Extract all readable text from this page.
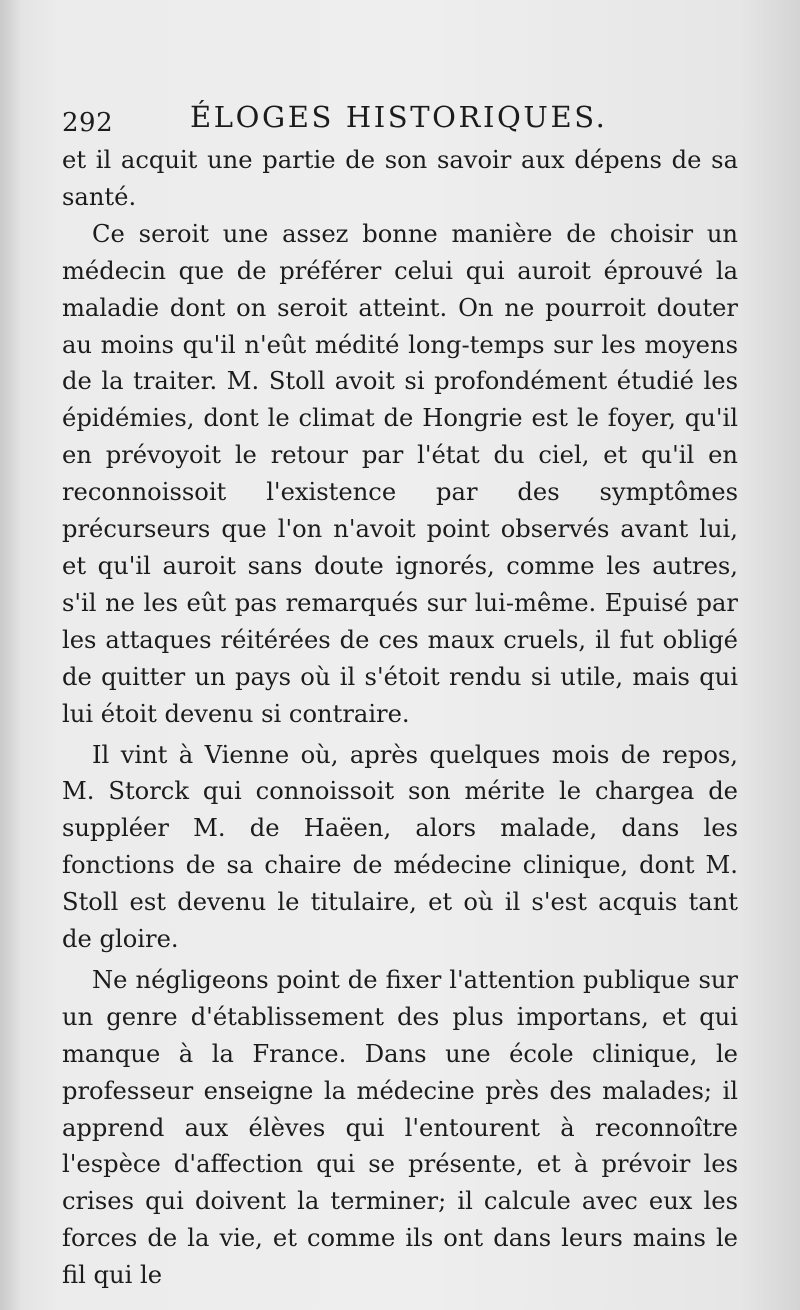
292	ÉLOGES HISTORIQUES.

et il acquit une partie de son savoir aux dépens de sa santé.

Ce seroit une assez bonne manière de choisir un médecin que de préférer celui qui auroit éprouvé la maladie dont on seroit atteint. On ne pourroit douter au moins qu'il n'eût médité long-temps sur les moyens de la traiter. M. Stoll avoit si profondément étudié les épidémies, dont le climat de Hongrie est le foyer, qu'il en prévoyoit le retour par l'état du ciel, et qu'il en reconnoissoit l'existence par des symptômes précurseurs que l'on n'avoit point observés avant lui, et qu'il auroit sans doute ignorés, comme les autres, s'il ne les eût pas remarqués sur lui-même. Epuisé par les attaques réitérées de ces maux cruels, il fut obligé de quitter un pays où il s'étoit rendu si utile, mais qui lui étoit devenu si contraire.

Il vint à Vienne où, après quelques mois de repos, M. Storck qui connoissoit son mérite le chargea de suppléer M. de Haëen, alors malade, dans les fonctions de sa chaire de médecine clinique, dont M. Stoll est devenu le titulaire, et où il s'est acquis tant de gloire.

Ne négligeons point de fixer l'attention publique sur un genre d'établissement des plus importans, et qui manque à la France. Dans une école clinique, le professeur enseigne la médecine près des malades; il apprend aux élèves qui l'entourent à reconnoître l'espèce d'affection qui se présente, et à prévoir les crises qui doivent la terminer; il calcule avec eux les forces de la vie, et comme ils ont dans leurs mains le fil qui le
